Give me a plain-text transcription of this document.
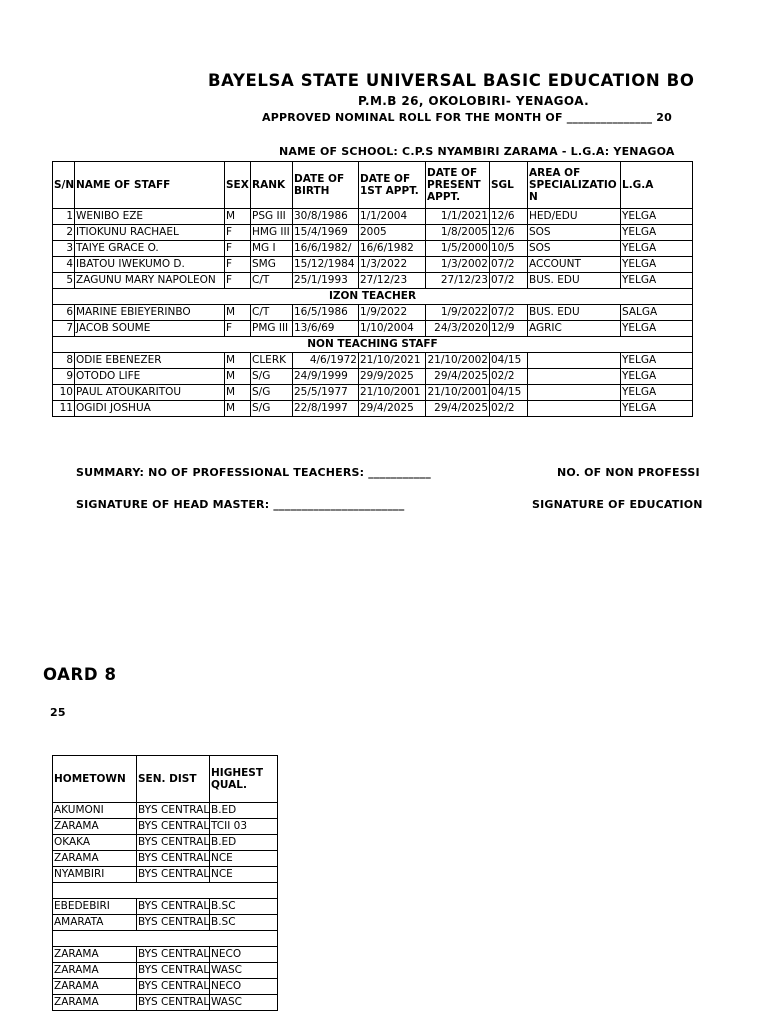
BAYELSA STATE UNIVERSAL BASIC EDUCATION BO
P.M.B 26, OKOLOBIRI- YENAGOA.
APPROVED NOMINAL ROLL FOR THE MONTH OF _______________ 20
NAME OF SCHOOL: C.P.S NYAMBIRI ZARAMA - L.G.A: YENAGOA
S/N	NAME OF STAFF	SEX	RANK	DATE OF BIRTH	DATE OF 1ST APPT.	DATE OF PRESENT APPT.	SGL	AREA OF SPECIALIZATIO N	L.G.A
1	WENIBO EZE	M	PSG III	30/8/1986	1/1/2004	1/1/2021	12/6	HED/EDU	YELGA
2	ITIOKUNU RACHAEL	F	HMG III	15/4/1969	2005	1/8/2005	12/6	SOS	YELGA
3	TAIYE GRACE O.	F	MG I	16/6/1982/	16/6/1982	1/5/2000	10/5	SOS	YELGA
4	IBATOU IWEKUMO D.	F	SMG	15/12/1984	1/3/2022	1/3/2002	07/2	ACCOUNT	YELGA
5	ZAGUNU MARY NAPOLEON	F	C/T	25/1/1993	27/12/23	27/12/23	07/2	BUS. EDU	YELGA
IZON TEACHER									
6	MARINE EBIEYERINBO	M	C/T	16/5/1986	1/9/2022	1/9/2022	07/2	BUS. EDU	SALGA
7	JACOB SOUME	F	PMG III	13/6/69	1/10/2004	24/3/2020	12/9	AGRIC	YELGA
NON TEACHING STAFF									
8	ODIE EBENEZER	M	CLERK	4/6/1972	21/10/2021	21/10/2002	04/15		YELGA
9	OTODO LIFE	M	S/G	24/9/1999	29/9/2025	29/4/2025	02/2		YELGA
10	PAUL ATOUKARITOU	M	S/G	25/5/1977	21/10/2001	21/10/2001	04/15		YELGA
11	OGIDI JOSHUA	M	S/G	22/8/1997	29/4/2025	29/4/2025	02/2		YELGA
SUMMARY: NO OF PROFESSIONAL TEACHERS: ___________	NO. OF NON PROFESSI
SIGNATURE OF HEAD MASTER: _______________________	SIGNATURE OF EDUCATION
OARD 8
25
HOMETOWN	SEN. DIST	HIGHEST QUAL.
AKUMONI	BYS CENTRAL	B.ED
ZARAMA	BYS CENTRAL	TCII 03
OKAKA	BYS CENTRAL	B.ED
ZARAMA	BYS CENTRAL	NCE
NYAMBIRI	BYS CENTRAL	NCE

EBEDEBIRI	BYS CENTRAL	B.SC
AMARATA	BYS CENTRAL	B.SC

ZARAMA	BYS CENTRAL	NECO
ZARAMA	BYS CENTRAL	WASC
ZARAMA	BYS CENTRAL	NECO
ZARAMA	BYS CENTRAL	WASC
